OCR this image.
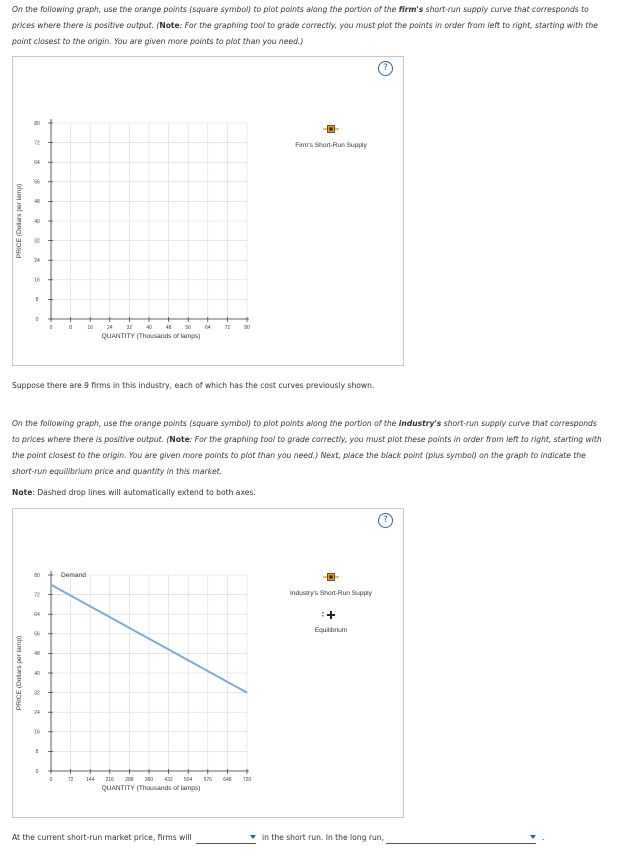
On the following graph, use the orange points (square symbol) to plot points along the portion of the firm's short-run supply curve that corresponds to prices where there is positive output. (Note: For the graphing tool to grade correctly, you must plot the points in order from left to right, starting with the point closest to the origin. You are given more points to plot than you need.)
?
0
8
16
24
32
40
48
56
64
72
80
0	8	16	24	32	40	48	56	64	72	80
QUANTITY (Thousands of lamps)
PRICE (Dollars per lamp)
Firm's Short-Run Supply
Suppose there are 9 firms in this industry, each of which has the cost curves previously shown.
On the following graph, use the orange points (square symbol) to plot points along the portion of the industry's short-run supply curve that corresponds to prices where there is positive output. (Note: For the graphing tool to grade correctly, you must plot these points in order from left to right, starting with the point closest to the origin. You are given more points to plot than you need.) Next, place the black point (plus symbol) on the graph to indicate the short-run equilibrium price and quantity in this market.
Note: Dashed drop lines will automatically extend to both axes.
?
0
8
16
24
32
40
48
56
64
72
80
0	72	144 216 288 360 432 504 576 648 720
QUANTITY (Thousands of lamps)
PRICE (Dollars per lamp)
Demand
Industry's Short-Run Supply
Equilibrium
At the current short-run market price, firms will	in the short run. In the long run,	.
